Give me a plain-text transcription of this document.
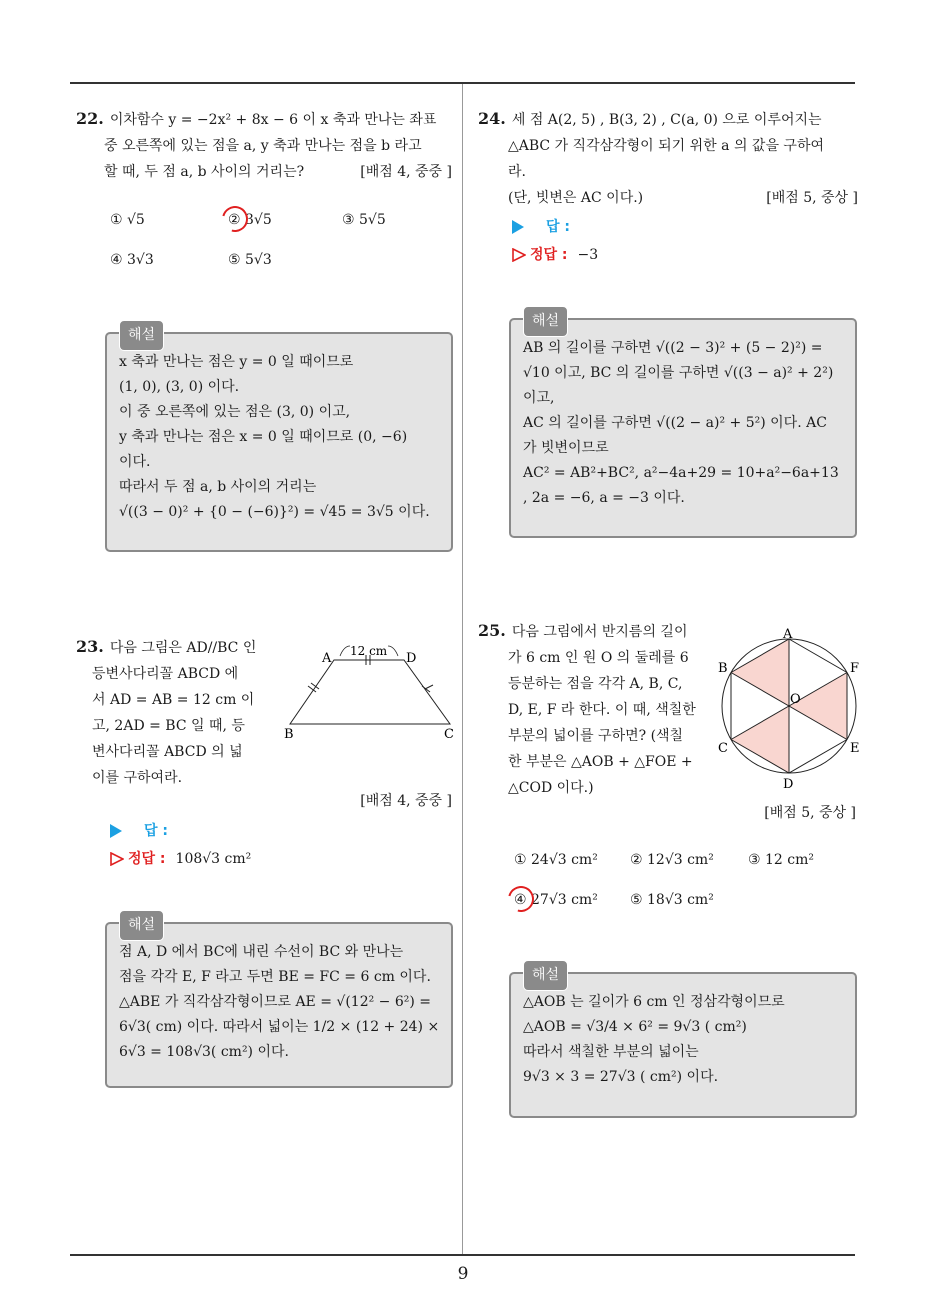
9
22. 이차함수 y = −2x² + 8x − 6 이 x 축과 만나는 좌표
중 오른쪽에 있는 점을 a, y 축과 만나는 점을 b 라고
할 때, 두 점 a, b 사이의 거리는?	[배점 4, 중중 ]
① √5	② 3√5	③ 5√5
④ 3√3	⑤ 5√3
해설
x 축과 만나는 점은 y = 0 일 때이므로
(1, 0), (3, 0) 이다.
이 중 오른쪽에 있는 점은 (3, 0) 이고,
y 축과 만나는 점은 x = 0 일 때이므로 (0, −6)
이다.
따라서 두 점 a, b 사이의 거리는
√((3 − 0)² + {0 − (−6)}²) = √45 = 3√5 이다.
24. 세 점 A(2, 5) , B(3, 2) , C(a, 0) 으로 이루어지는
△ABC 가 직각삼각형이 되기 위한 a 의 값을 구하여
라.
(단, 빗변은 AC 이다.)	[배점 5, 중상 ]
답 :
정답 : −3
해설
AB 의 길이를 구하면 √((2 − 3)² + (5 − 2)²) =
√10 이고, BC 의 길이를 구하면 √((3 − a)² + 2²)
이고,
AC 의 길이를 구하면 √((2 − a)² + 5²) 이다. AC
가 빗변이므로
AC² = AB²+BC², a²−4a+29 = 10+a²−6a+13
, 2a = −6, a = −3 이다.
23. 다음 그림은 AD//BC 인
등변사다리꼴 ABCD 에
서 AD = AB = 12 cm 이
고, 2AD = BC 일 때, 등
변사다리꼴 ABCD 의 넓
이를 구하여라.
A	D
B	C
12 cm
[배점 4, 중중 ]
답 :
정답 : 108√3 cm²
해설
점 A, D 에서 BC에 내린 수선이 BC 와 만나는
점을 각각 E, F 라고 두면 BE = FC = 6 cm 이다.
△ABE 가 직각삼각형이므로 AE = √(12² − 6²) =
6√3( cm) 이다. 따라서 넓이는 1/2 × (12 + 24) ×
6√3 = 108√3( cm²) 이다.
25. 다음 그림에서 반지름의 길이
가 6 cm 인 원 O 의 둘레를 6
등분하는 점을 각각 A, B, C,
D, E, F 라 한다. 이 때, 색칠한
부분의 넓이를 구하면? (색칠
한 부분은 △AOB + △FOE +
△COD 이다.)
A
B
C
D
E
F
O
[배점 5, 중상 ]
① 24√3 cm² ② 12√3 cm² ③ 12 cm²
④ 27√3 cm² ⑤ 18√3 cm²
해설
△AOB 는 길이가 6 cm 인 정삼각형이므로
△AOB = √3/4 × 6² = 9√3 ( cm²)
따라서 색칠한 부분의 넓이는
9√3 × 3 = 27√3 ( cm²) 이다.
